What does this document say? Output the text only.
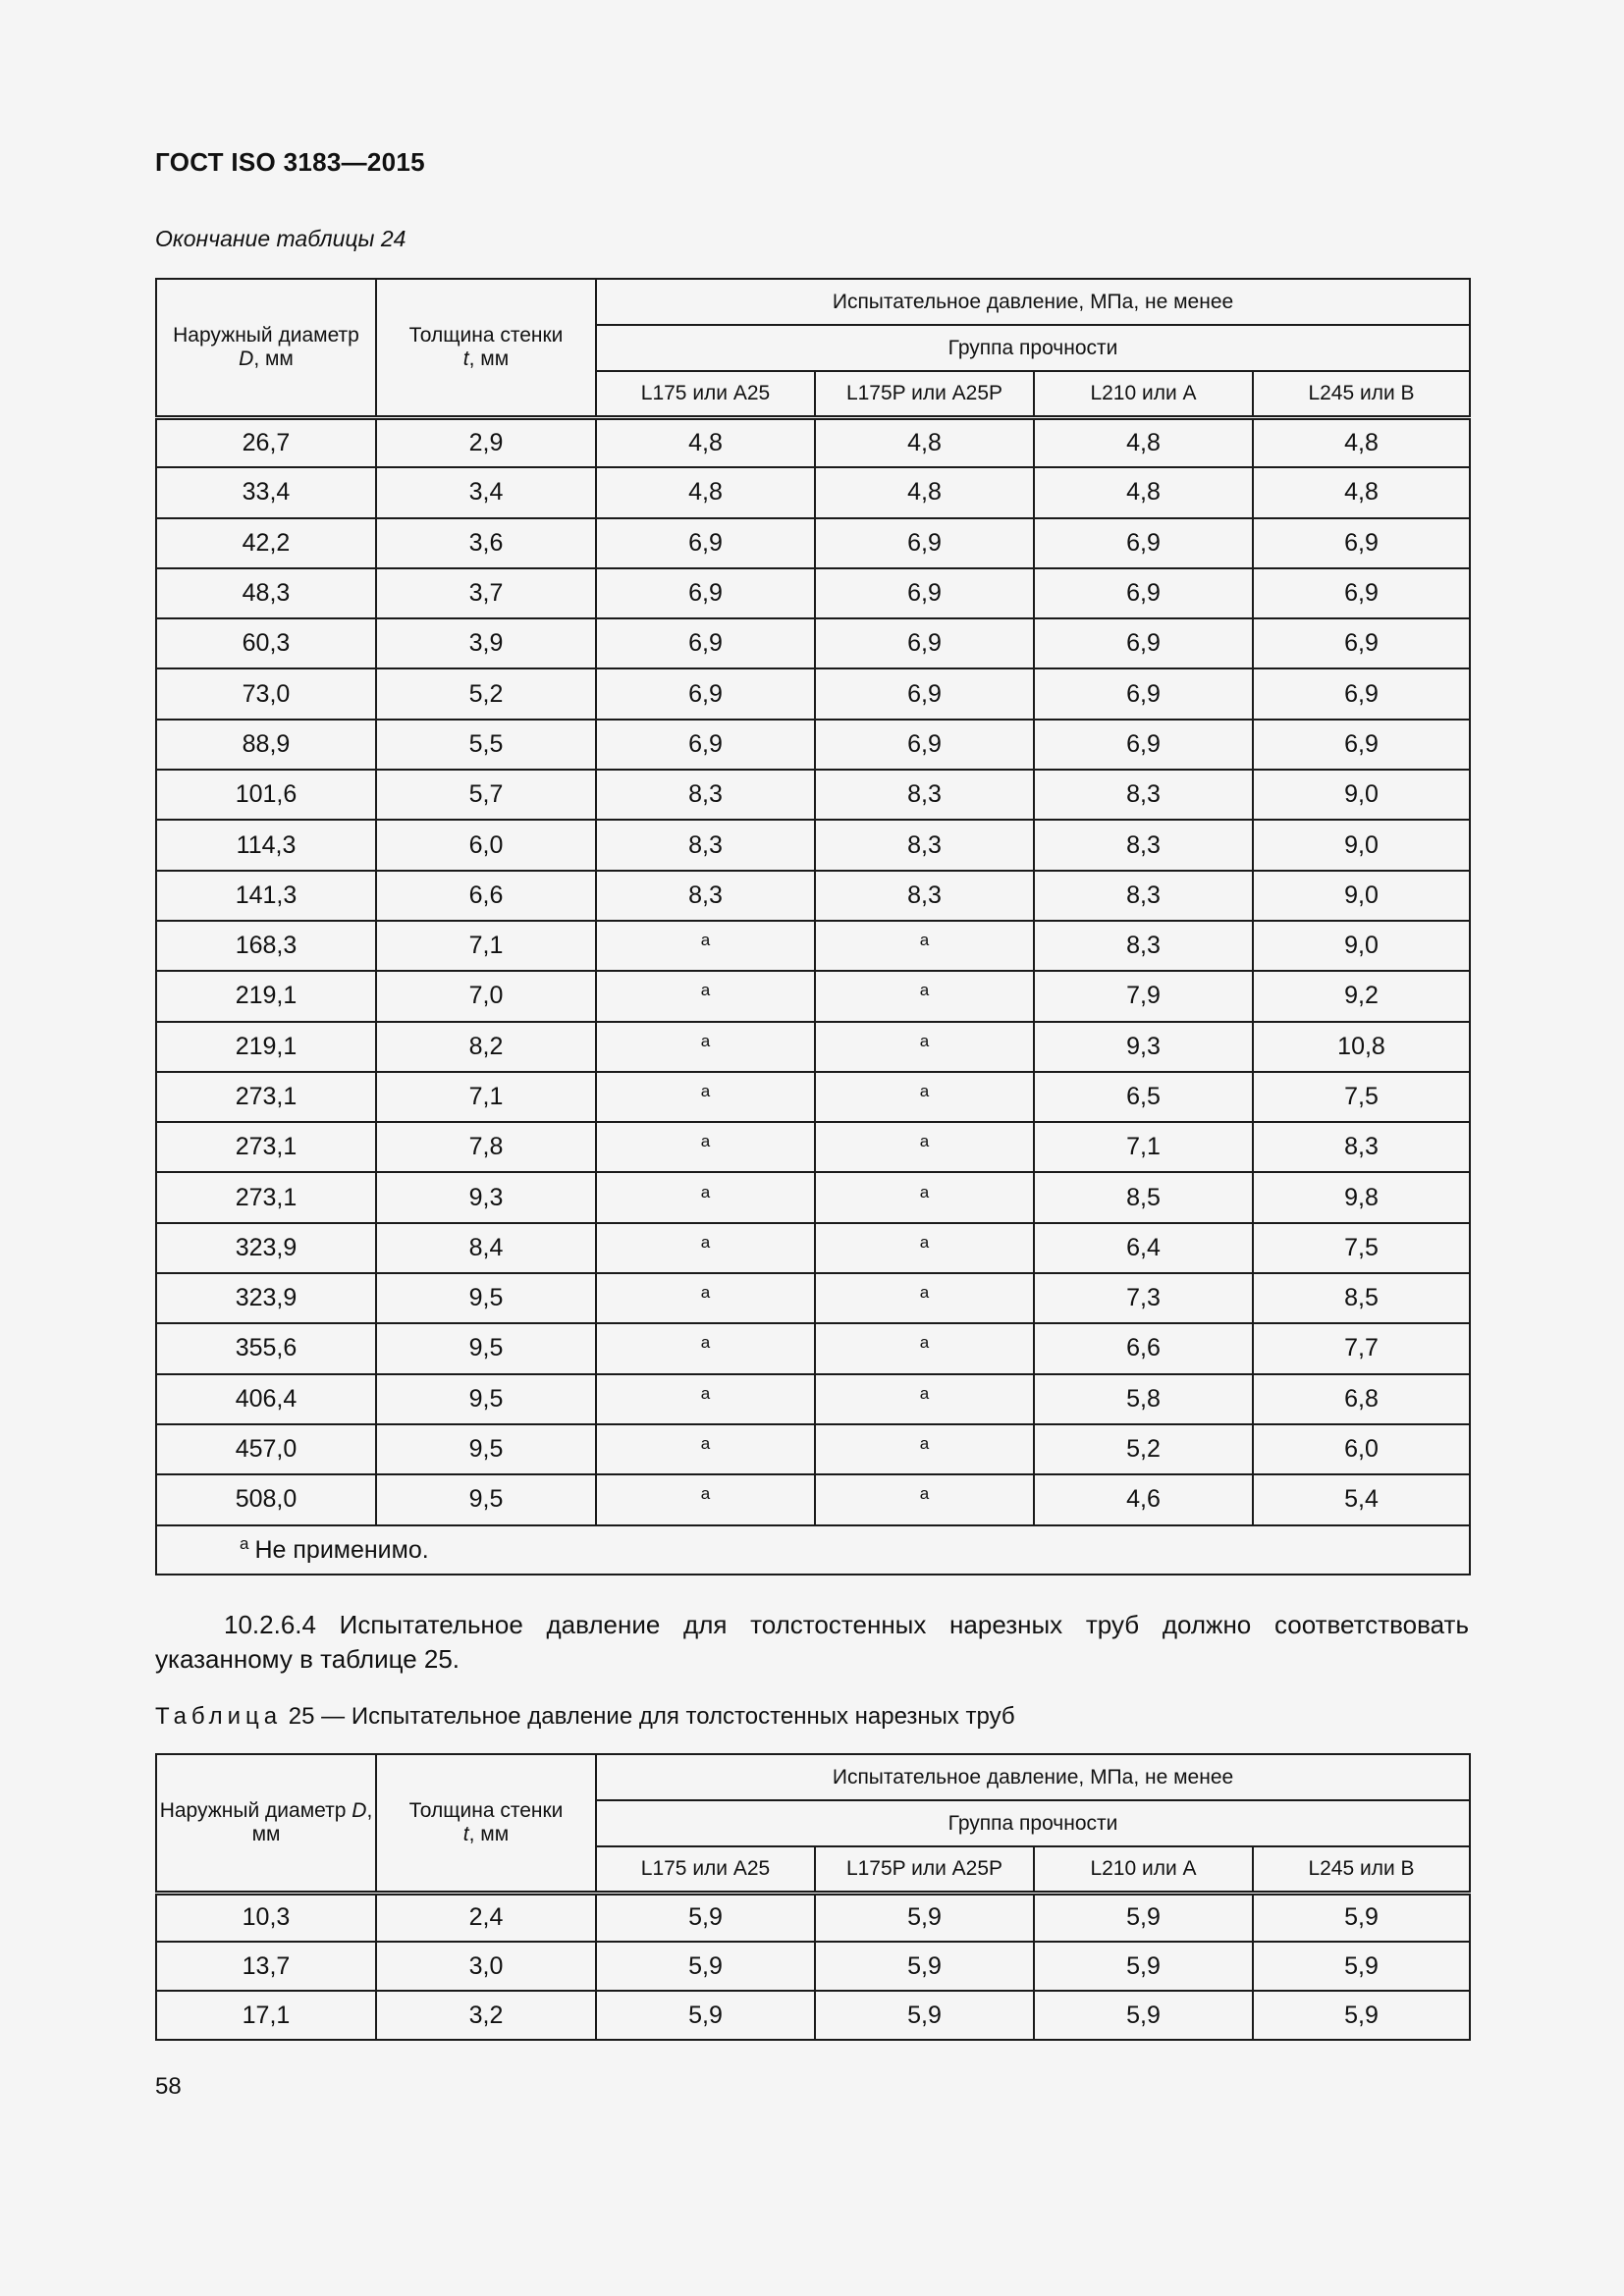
ГОСТ ISO 3183—2015
Окончание таблицы 24
Наружный диаметр
D, мм	Толщина стенки
t, мм	Испытательное давление, МПа, не менее			
		Группа прочности			
		L175 или A25	L175P или A25P	L210 или A	L245 или B
26,7	2,9	4,8	4,8	4,8	4,8
33,4	3,4	4,8	4,8	4,8	4,8
42,2	3,6	6,9	6,9	6,9	6,9
48,3	3,7	6,9	6,9	6,9	6,9
60,3	3,9	6,9	6,9	6,9	6,9
73,0	5,2	6,9	6,9	6,9	6,9
88,9	5,5	6,9	6,9	6,9	6,9
101,6	5,7	8,3	8,3	8,3	9,0
114,3	6,0	8,3	8,3	8,3	9,0
141,3	6,6	8,3	8,3	8,3	9,0
168,3	7,1	$^a$	$^a$	8,3	9,0
219,1	7,0	$^a$	$^a$	7,9	9,2
219,1	8,2	$^a$	$^a$	9,3	10,8
273,1	7,1	$^a$	$^a$	6,5	7,5
273,1	7,8	$^a$	$^a$	7,1	8,3
273,1	9,3	$^a$	$^a$	8,5	9,8
323,9	8,4	$^a$	$^a$	6,4	7,5
323,9	9,5	$^a$	$^a$	7,3	8,5
355,6	9,5	$^a$	$^a$	6,6	7,7
406,4	9,5	$^a$	$^a$	5,8	6,8
457,0	9,5	$^a$	$^a$	5,2	6,0
508,0	9,5	$^a$	$^a$	4,6	5,4
$^a$ Не применимо.					
10.2.6.4 Испытательное давление для толстостенных нарезных труб должно соответствовать указанному в таблице 25.
Таблица 25 — Испытательное давление для толстостенных нарезных труб
Наружный диаметр D, мм	Толщина стенки
t, мм	Испытательное давление, МПа, не менее			
		Группа прочности			
		L175 или A25	L175P или A25P	L210 или A	L245 или B
10,3	2,4	5,9	5,9	5,9	5,9
13,7	3,0	5,9	5,9	5,9	5,9
17,1	3,2	5,9	5,9	5,9	5,9
58
